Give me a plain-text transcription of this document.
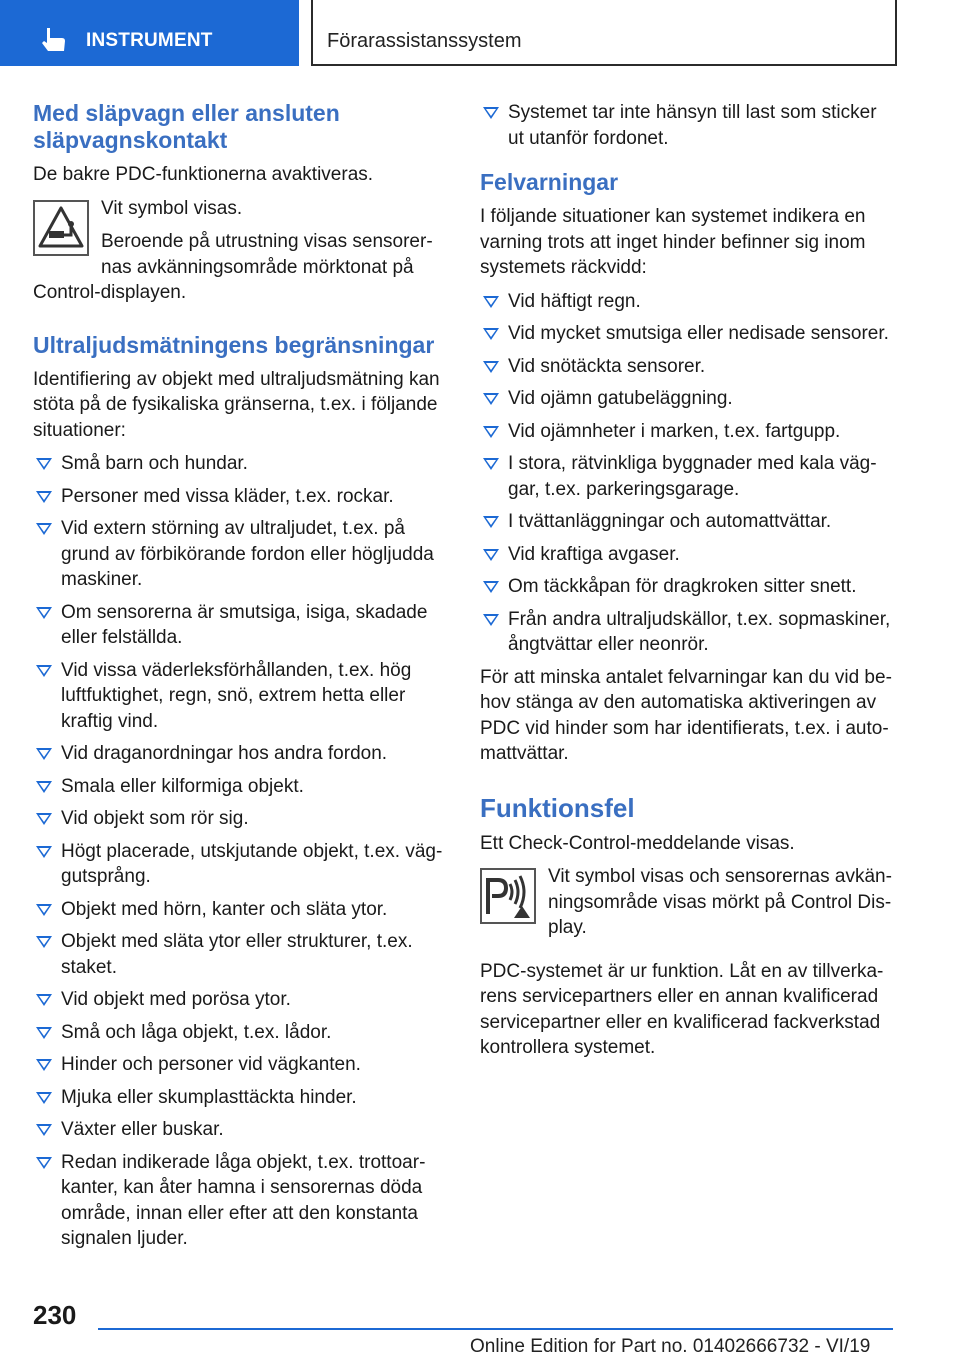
INSTRUMENT	Förarassistanssystem
Med släpvagn eller ansluten släpvagnskontakt

De bakre PDC-funktionerna avaktiveras.

Vit symbol visas.

Beroende på utrustning visas sensorernas avkänningsområde mörktonat på Control-displayen.

Ultraljudsmätningens begränsningar

Identifiering av objekt med ultraljudsmätning kan stöta på de fysikaliska gränserna, t.ex. i följande situationer:

Små barn och hundar.
Personer med vissa kläder, t.ex. rockar.
Vid extern störning av ultraljudet, t.ex. på grund av förbikörande fordon eller högljudda maskiner.
Om sensorerna är smutsiga, isiga, skadade eller felställda.
Vid vissa väderleksförhållanden, t.ex. hög luftfuktighet, regn, snö, extrem hetta eller kraftig vind.
Vid draganordningar hos andra fordon.
Smala eller kilformiga objekt.
Vid objekt som rör sig.
Högt placerade, utskjutande objekt, t.ex. väggutsprång.
Objekt med hörn, kanter och släta ytor.
Objekt med släta ytor eller strukturer, t.ex. staket.
Vid objekt med porösa ytor.
Små och låga objekt, t.ex. lådor.
Hinder och personer vid vägkanten.
Mjuka eller skumplasttäckta hinder.
Växter eller buskar.
Redan indikerade låga objekt, t.ex. trottoarkanter, kan åter hamna i sensorernas döda område, innan eller efter att den konstanta signalen ljuder.
Systemet tar inte hänsyn till last som sticker ut utanför fordonet.
Felvarningar

I följande situationer kan systemet indikera en varning trots att inget hinder befinner sig inom systemets räckvidd:

Vid häftigt regn.
Vid mycket smutsiga eller nedisade sensorer.
Vid snötäckta sensorer.
Vid ojämn gatubeläggning.
Vid ojämnheter i marken, t.ex. fartgupp.
I stora, rätvinkliga byggnader med kala väggar, t.ex. parkeringsgarage.
I tvättanläggningar och automattvättar.
Vid kraftiga avgaser.
Om täckkåpan för dragkroken sitter snett.
Från andra ultraljudskällor, t.ex. sopmaskiner, ångtvättar eller neonrör.

För att minska antalet felvarningar kan du vid behov stänga av den automatiska aktiveringen av PDC vid hinder som har identifierats, t.ex. i automattvättar.

Funktionsfel

Ett Check-Control-meddelande visas.

Vit symbol visas och sensorernas avkänningsområde visas mörkt på Control Display.

PDC-systemet är ur funktion. Låt en av tillverkarens servicepartners eller en annan kvalificerad servicepartner eller en kvalificerad fackverkstad kontrollera systemet.

230
Online Edition for Part no. 01402666732 - VI/19
